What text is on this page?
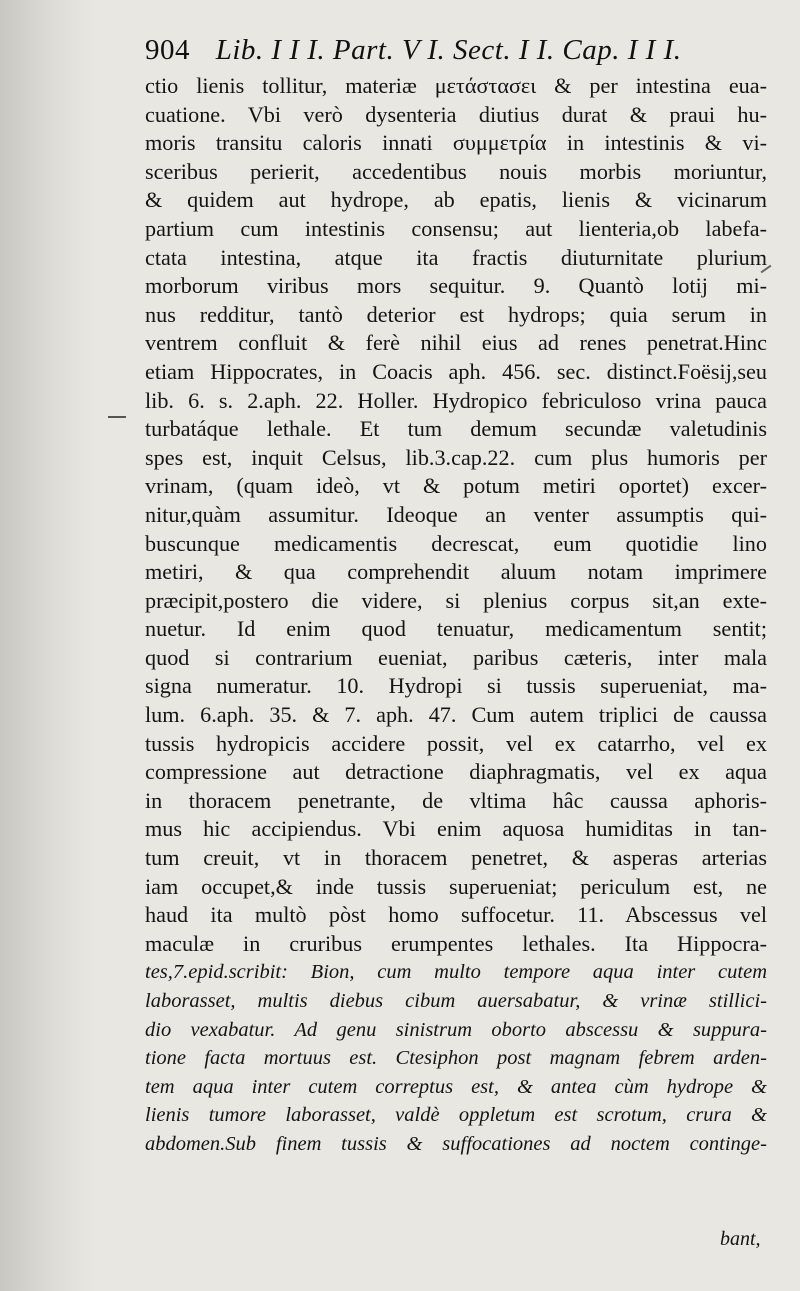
904 Lib. I I I. Part. V I. Sect. I I. Cap. I I I.
ctio lienis tollitur, materiæ μετάστασει & per intestina eua-
cuatione. Vbi verò dysenteria diutius durat & praui hu-
moris transitu caloris innati συμμετρία in intestinis & vi-
sceribus perierit, accedentibus nouis morbis moriuntur,
& quidem aut hydrope, ab epatis, lienis & vicinarum
partium cum intestinis consensu; aut lienteria,ob labefa-
ctata intestina, atque ita fractis diuturnitate plurium
morborum viribus mors sequitur. 9. Quantò lotij mi-
nus redditur, tantò deterior est hydrops; quia serum in
ventrem confluit & ferè nihil eius ad renes penetrat.Hinc
etiam Hippocrates, in Coacis aph. 456. sec. distinct.Foësij,seu
lib. 6. s. 2.aph. 22. Holler. Hydropico febriculoso vrina pauca
turbatáque lethale. Et tum demum secundæ valetudinis
spes est, inquit Celsus, lib.3.cap.22. cum plus humoris per
vrinam, (quam ideò, vt & potum metiri oportet) excer-
nitur,quàm assumitur. Ideoque an venter assumptis qui-
buscunque medicamentis decrescat, eum quotidie lino
metiri, & qua comprehendit aluum notam imprimere
præcipit,postero die videre, si plenius corpus sit,an exte-
nuetur. Id enim quod tenuatur, medicamentum sentit;
quod si contrarium eueniat, paribus cæteris, inter mala
signa numeratur. 10. Hydropi si tussis superueniat, ma-
lum. 6.aph. 35. & 7. aph. 47. Cum autem triplici de caussa
tussis hydropicis accidere possit, vel ex catarrho, vel ex
compressione aut detractione diaphragmatis, vel ex aqua
in thoracem penetrante, de vltima hâc caussa aphoris-
mus hic accipiendus. Vbi enim aquosa humiditas in tan-
tum creuit, vt in thoracem penetret, & asperas arterias
iam occupet,& inde tussis superueniat; periculum est, ne
haud ita multò pòst homo suffocetur. 11. Abscessus vel
maculæ in cruribus erumpentes lethales. Ita Hippocra-
tes,7.epid.scribit: Bion, cum multo tempore aqua inter cutem
laborasset, multis diebus cibum auersabatur, & vrinæ stillici-
dio vexabatur. Ad genu sinistrum oborto abscessu & suppura-
tione facta mortuus est. Ctesiphon post magnam febrem arden-
tem aqua inter cutem correptus est, & antea cùm hydrope &
lienis tumore laborasset, valdè oppletum est scrotum, crura &
abdomen.Sub finem tussis & suffocationes ad noctem continge-
bant,
